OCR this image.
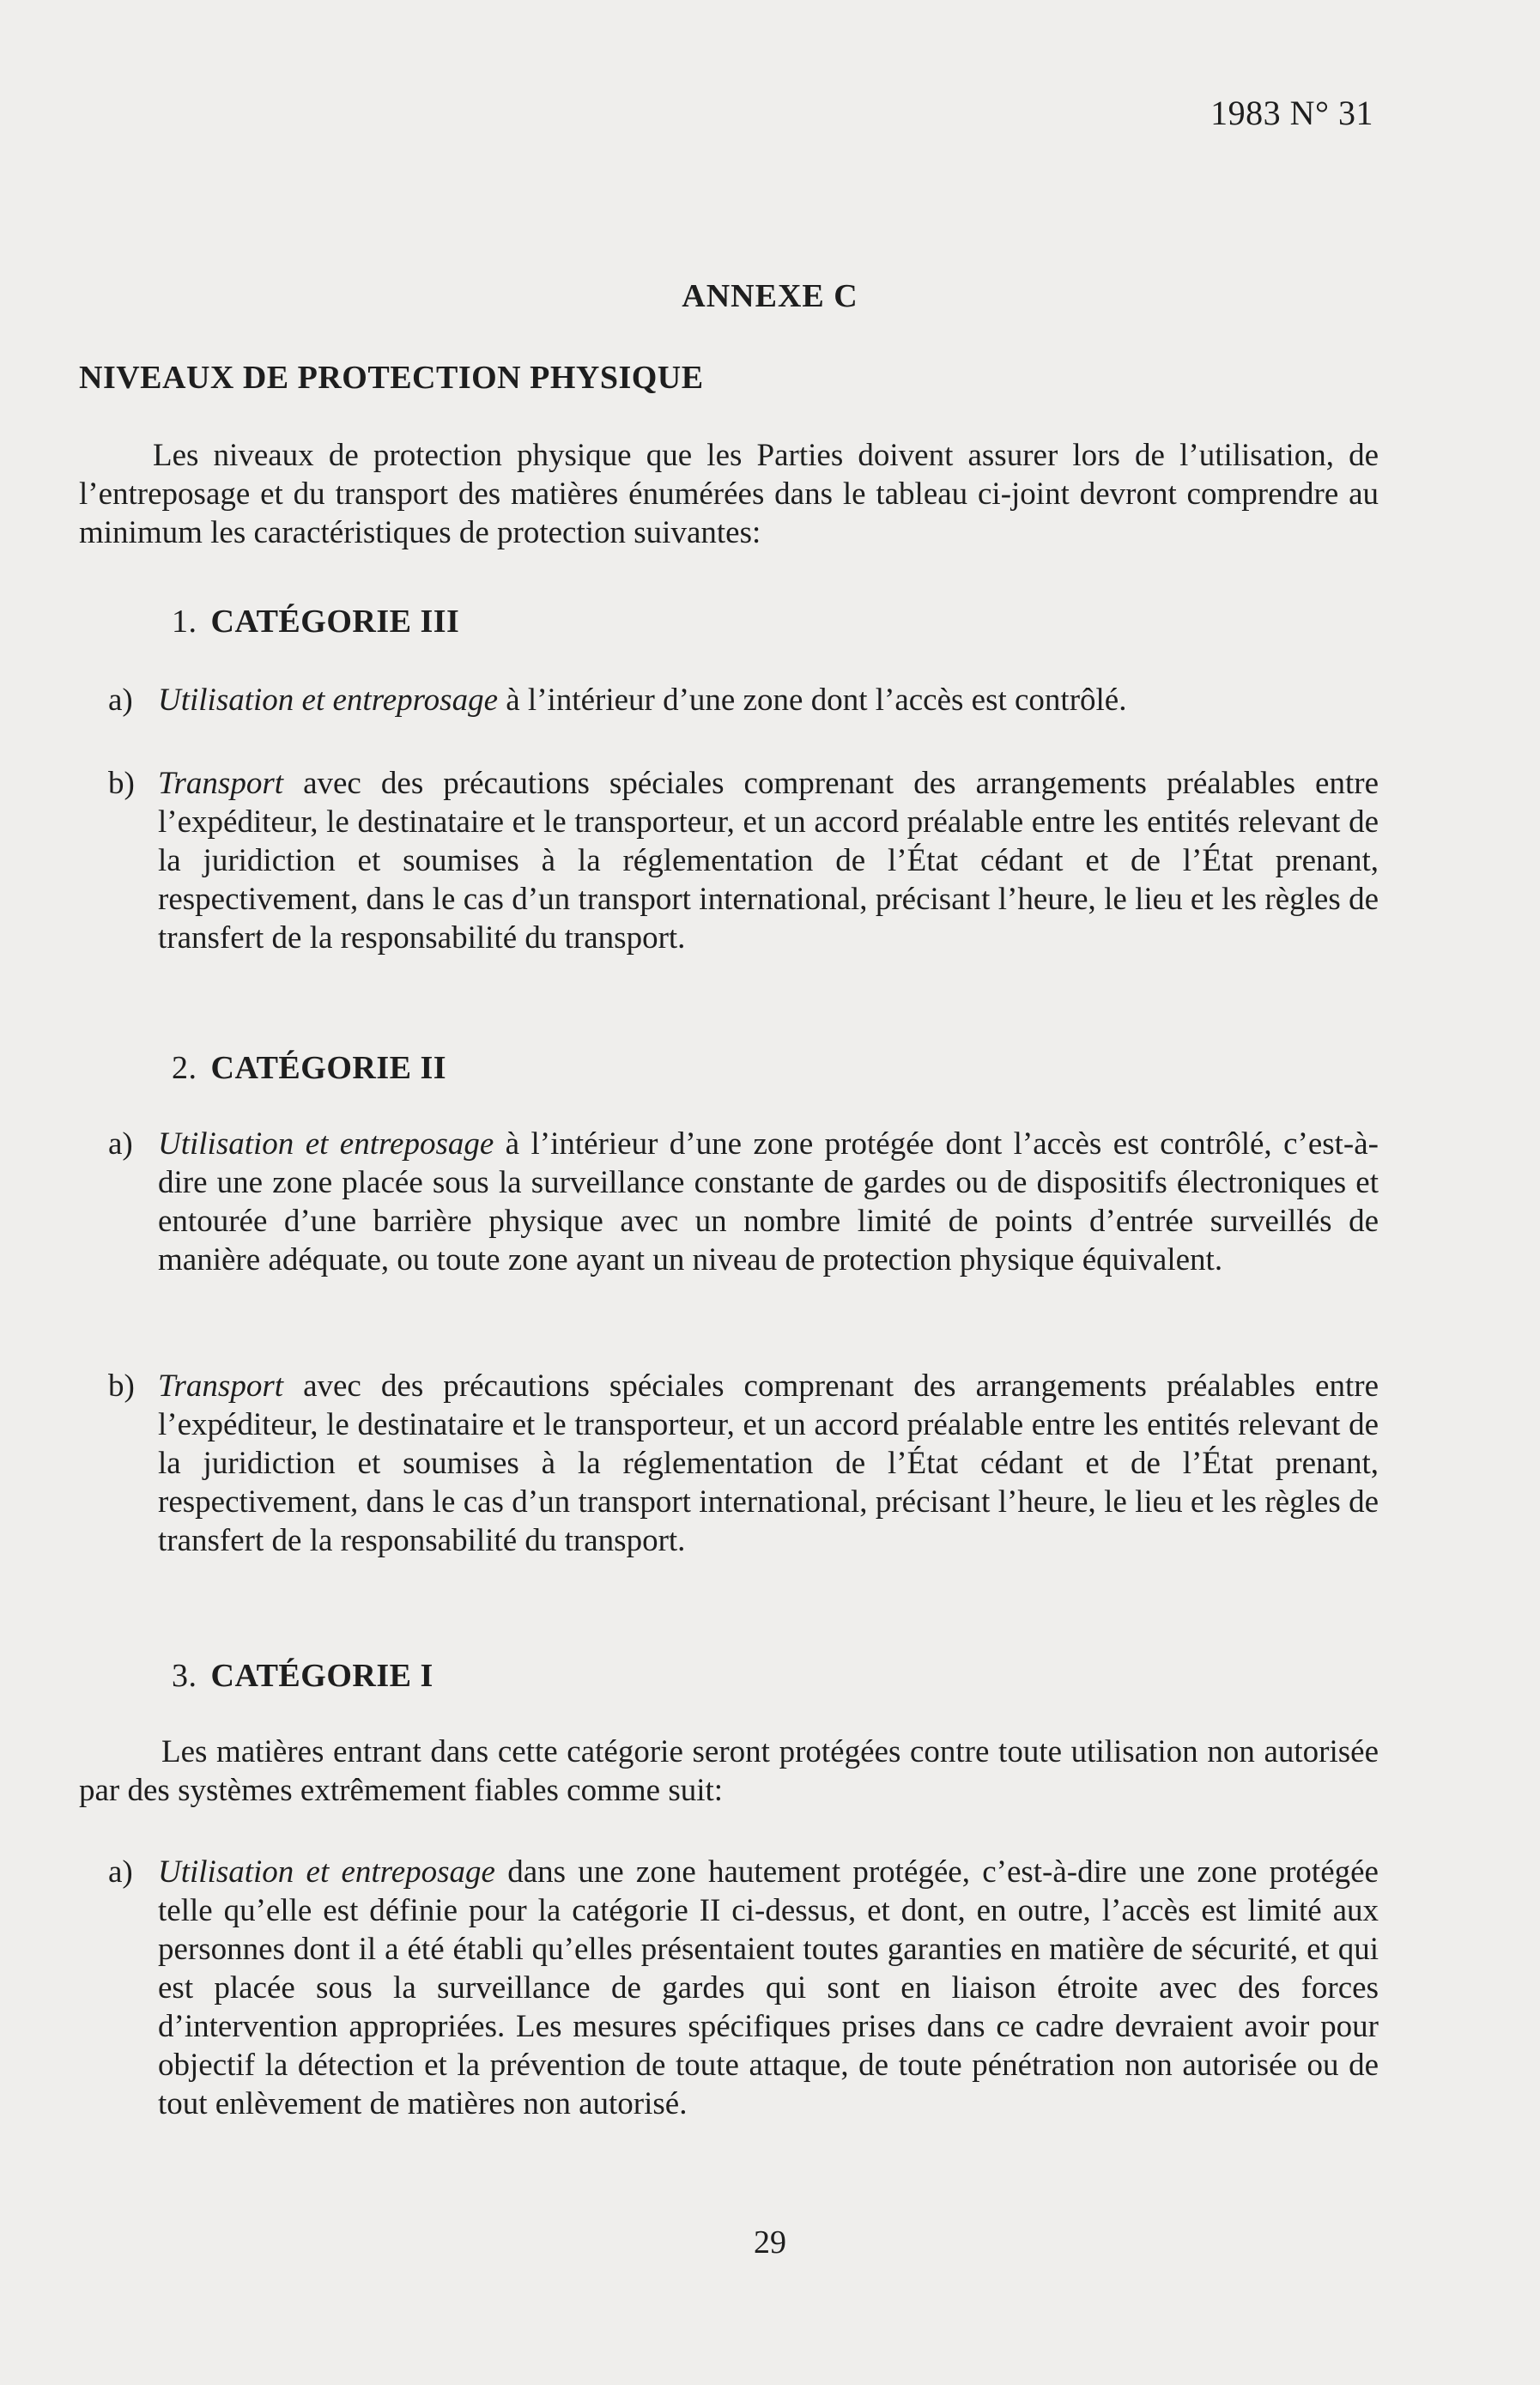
1983 N° 31
ANNEXE C
NIVEAUX DE PROTECTION PHYSIQUE

Les niveaux de protection physique que les Parties doivent assurer lors de l’utilisation, de l’entreposage et du transport des matières énumérées dans le tableau ci-joint devront comprendre au minimum les caractéristiques de protection suivantes:

1. CATÉGORIE III
a) Utilisation et entreprosage à l’intérieur d’une zone dont l’accès est contrôlé.
b) Transport avec des précautions spéciales comprenant des arrangements préalables entre l’expéditeur, le destinataire et le transporteur, et un accord préalable entre les entités relevant de la juridiction et soumises à la réglementation de l’État cédant et de l’État prenant, respectivement, dans le cas d’un transport international, précisant l’heure, le lieu et les règles de transfert de la responsabilité du transport.
2. CATÉGORIE II
a) Utilisation et entreposage à l’intérieur d’une zone protégée dont l’accès est contrôlé, c’est-à-dire une zone placée sous la surveillance constante de gardes ou de dispositifs électroniques et entourée d’une barrière physique avec un nombre limité de points d’entrée surveillés de manière adéquate, ou toute zone ayant un niveau de protection physique équivalent.
b) Transport avec des précautions spéciales comprenant des arrangements préalables entre l’expéditeur, le destinataire et le transporteur, et un accord préalable entre les entités relevant de la juridiction et soumises à la réglementation de l’État cédant et de l’État prenant, respectivement, dans le cas d’un transport international, précisant l’heure, le lieu et les règles de transfert de la responsabilité du transport.
3. CATÉGORIE I

Les matières entrant dans cette catégorie seront protégées contre toute utilisation non autorisée par des systèmes extrêmement fiables comme suit:

a) Utilisation et entreposage dans une zone hautement protégée, c’est-à-dire une zone protégée telle qu’elle est définie pour la catégorie II ci-dessus, et dont, en outre, l’accès est limité aux personnes dont il a été établi qu’elles présentaient toutes garanties en matière de sécurité, et qui est placée sous la surveillance de gardes qui sont en liaison étroite avec des forces d’intervention appropriées. Les mesures spécifiques prises dans ce cadre devraient avoir pour objectif la détection et la prévention de toute attaque, de toute pénétration non autorisée ou de tout enlèvement de matières non autorisé.
29
